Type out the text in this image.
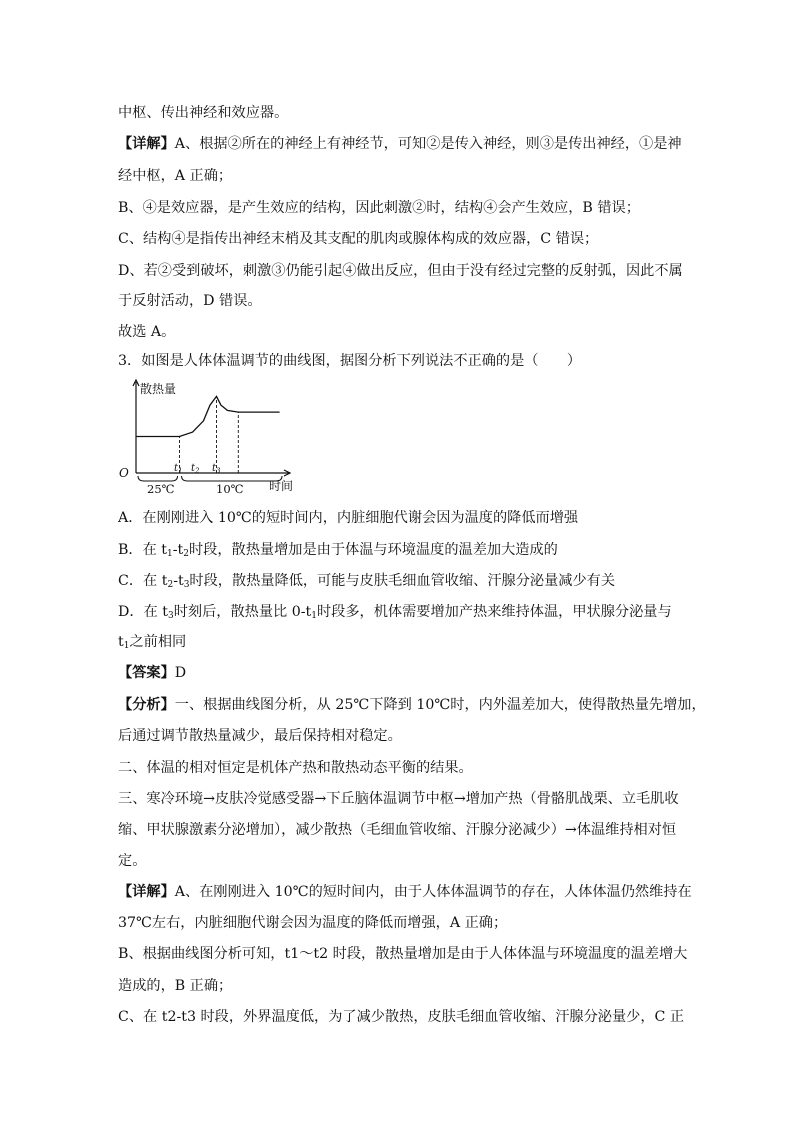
中枢、传出神经和效应器。
【详解】A、根据②所在的神经上有神经节，可知②是传入神经，则③是传出神经，①是神
经中枢，A 正确；
B、④是效应器，是产生效应的结构，因此刺激②时，结构④会产生效应，B 错误；
C、结构④是指传出神经末梢及其支配的肌肉或腺体构成的效应器，C 错误；
D、若②受到破坏，刺激③仍能引起④做出反应，但由于没有经过完整的反射弧，因此不属
于反射活动，D 错误。
故选 A。
3．如图是人体体温调节的曲线图，据图分析下列说法不正确的是（　　）
散热量
时间
O
25℃	10℃
$t_1$ $t_2$ $t_3$
A．在刚刚进入 10℃的短时间内，内脏细胞代谢会因为温度的降低而增强
B．在 $t_1-t_2$时段，散热量增加是由于体温与环境温度的温差加大造成的
C．在 $t_2-t_3$时段，散热量降低，可能与皮肤毛细血管收缩、汗腺分泌量减少有关
D．在 $t_3$时刻后，散热量比 $0-t_1$时段多，机体需要增加产热来维持体温，甲状腺分泌量与
$t_1$之前相同
【答案】D
【分析】一、根据曲线图分析，从 25℃下降到 10℃时，内外温差加大，使得散热量先增加，
后通过调节散热量减少，最后保持相对稳定。
二、体温的相对恒定是机体产热和散热动态平衡的结果。
三、寒冷环境→皮肤冷觉感受器→下丘脑体温调节中枢→增加产热（骨骼肌战栗、立毛肌收
缩、甲状腺激素分泌增加），减少散热（毛细血管收缩、汗腺分泌减少）→体温维持相对恒
定。
【详解】A、在刚刚进入 10℃的短时间内，由于人体体温调节的存在，人体体温仍然维持在
37℃左右，内脏细胞代谢会因为温度的降低而增强，A 正确；
B、根据曲线图分析可知，t1～t2 时段，散热量增加是由于人体体温与环境温度的温差增大
造成的，B 正确；
C、在 t2-t3 时段，外界温度低，为了减少散热，皮肤毛细血管收缩、汗腺分泌量少，C 正
